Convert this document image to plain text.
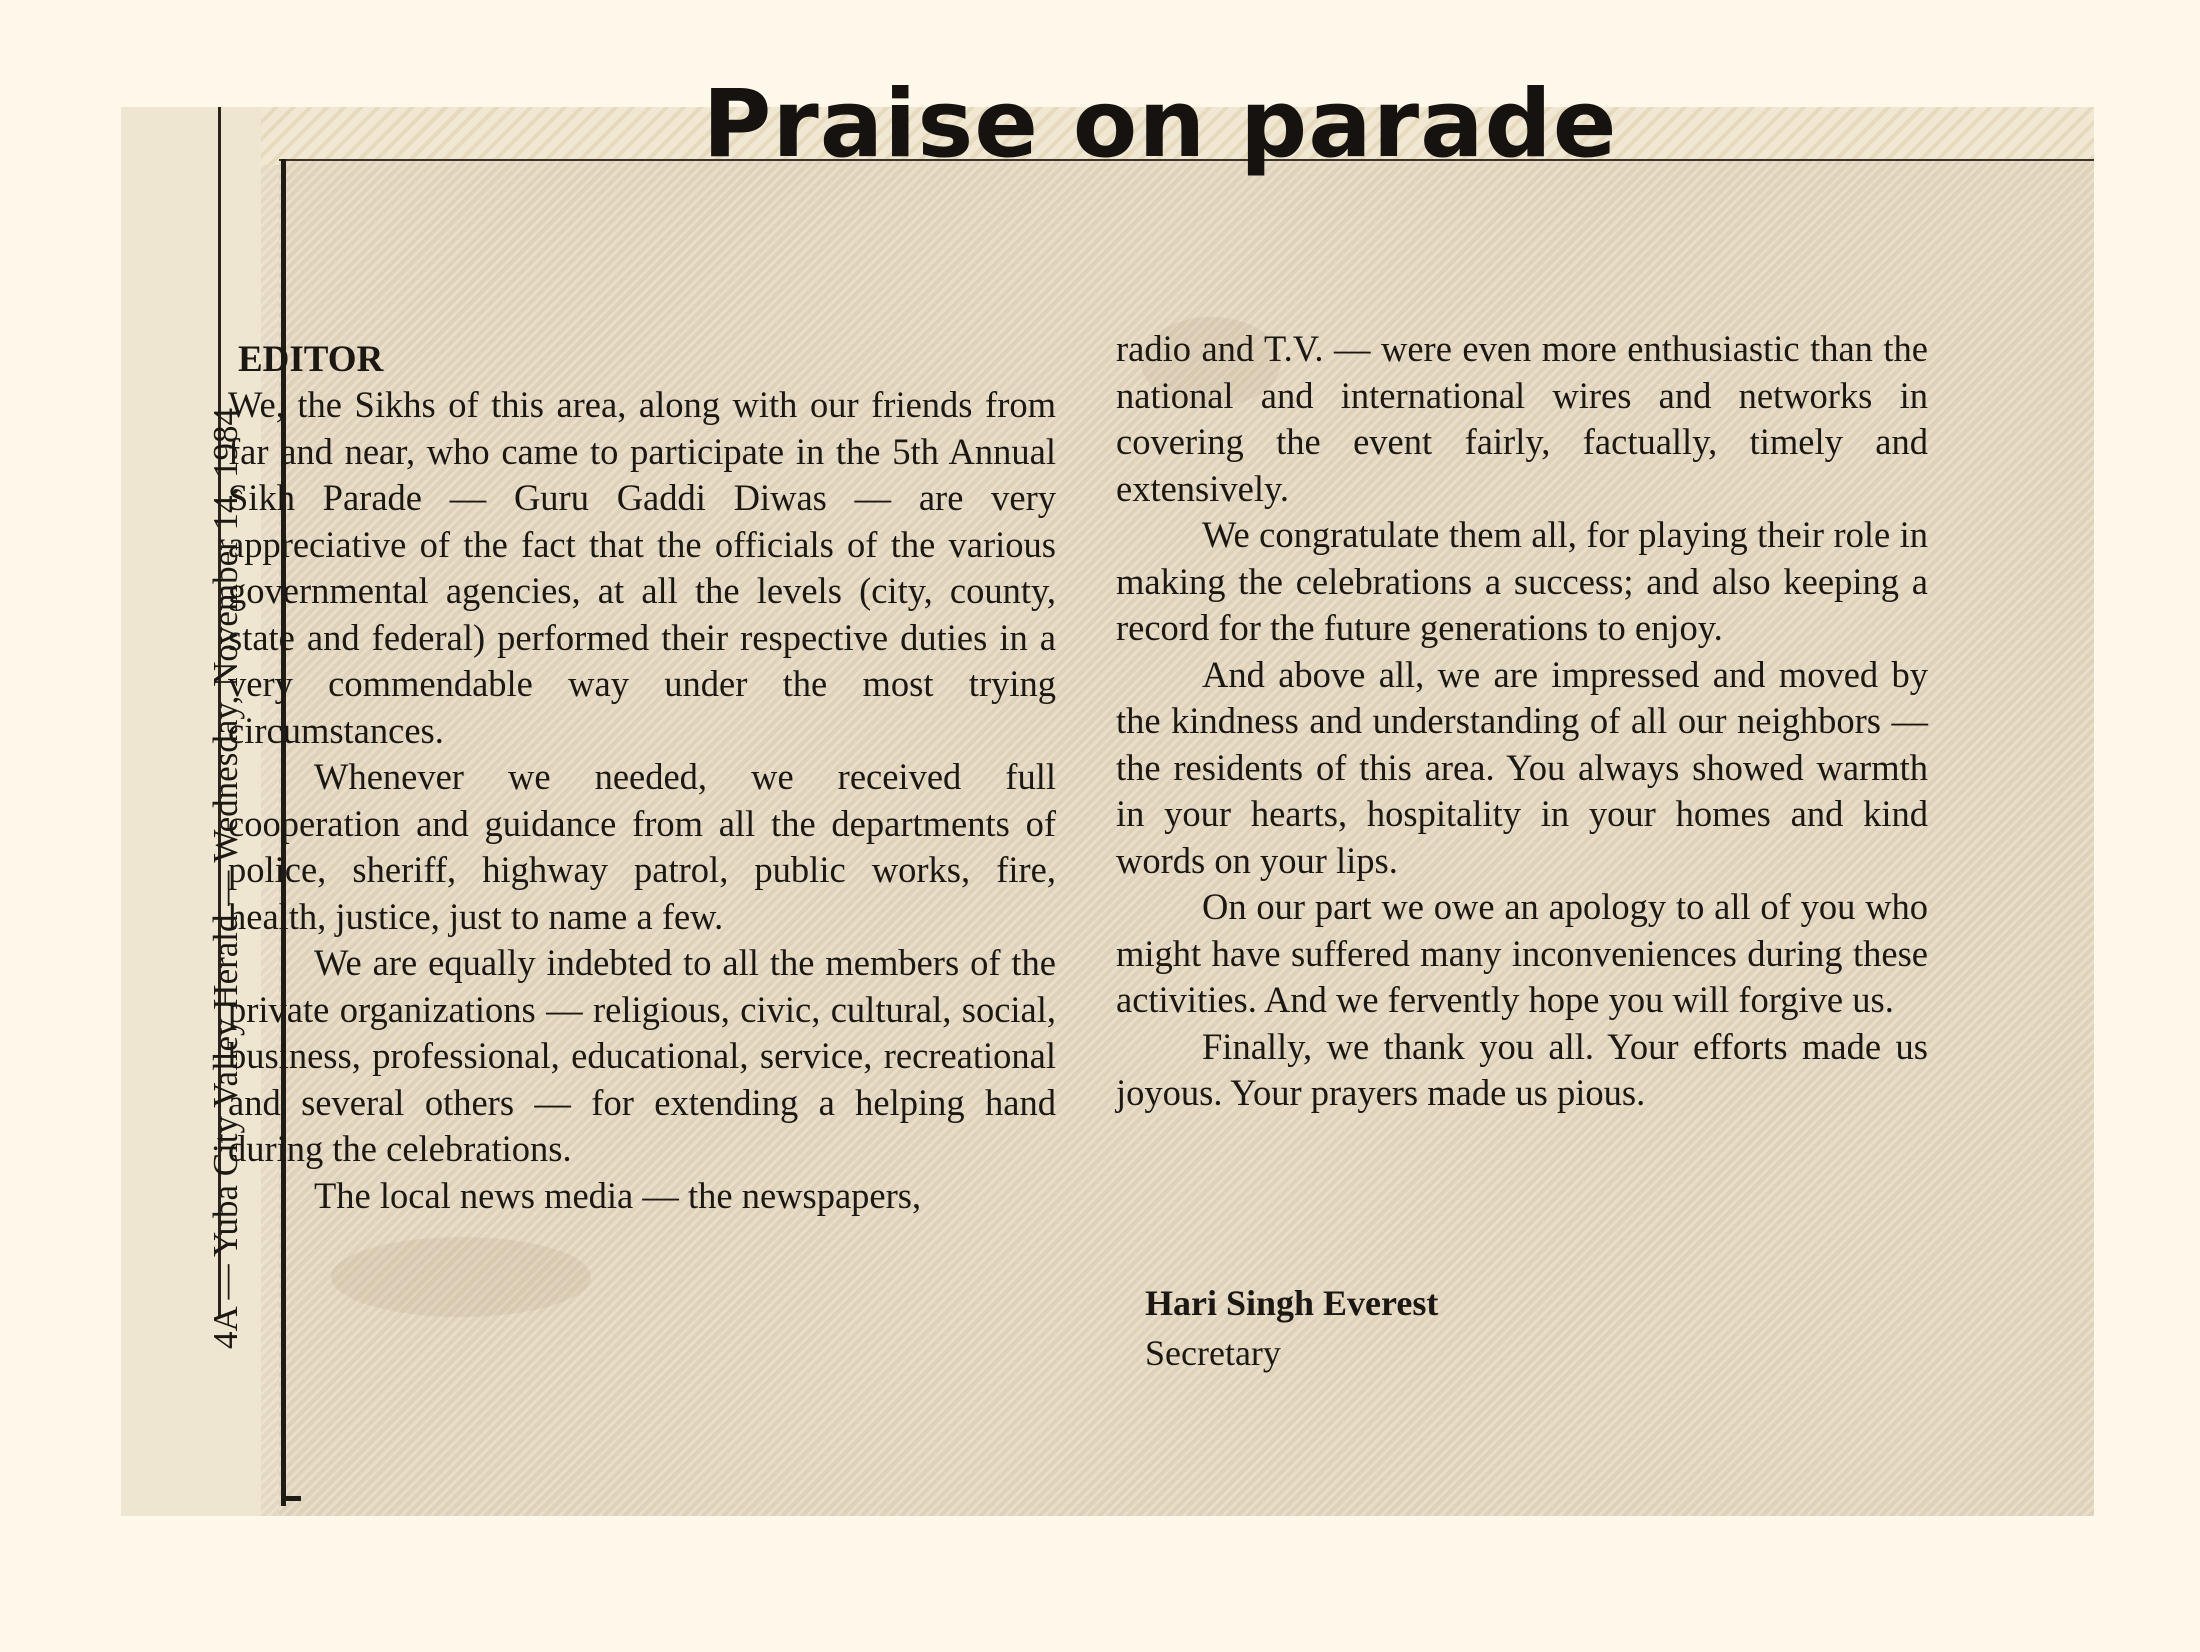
4A — Yuba City Valley Herald — Wednesday, November 14, 1984
Praise on parade
EDITOR

We, the Sikhs of this area, along with our friends from far and near, who came to participate in the 5th Annual Sikh Parade — Guru Gaddi Diwas — are very appreciative of the fact that the officials of the various governmental agencies, at all the levels (city, county, state and federal) performed their respective duties in a very commendable way under the most trying circumstances.

Whenever we needed, we received full cooperation and guidance from all the departments of police, sheriff, highway patrol, public works, fire, health, justice, just to name a few.

We are equally indebted to all the members of the private organizations — religious, civic, cultural, social, business, professional, educational, service, recreational and several others — for extending a helping hand during the celebrations.

The local news media — the newspapers,

radio and T.V. — were even more enthusiastic than the national and international wires and networks in covering the event fairly, factually, timely and extensively.

We congratulate them all, for playing their role in making the celebrations a success; and also keeping a record for the future generations to enjoy.

And above all, we are impressed and moved by the kindness and understanding of all our neighbors — the residents of this area. You always showed warmth in your hearts, hospitality in your homes and kind words on your lips.

On our part we owe an apology to all of you who might have suffered many inconveniences during these activities. And we fervently hope you will forgive us.

Finally, we thank you all. Your efforts made us joyous. Your prayers made us pious.

Hari Singh Everest
Secretary
